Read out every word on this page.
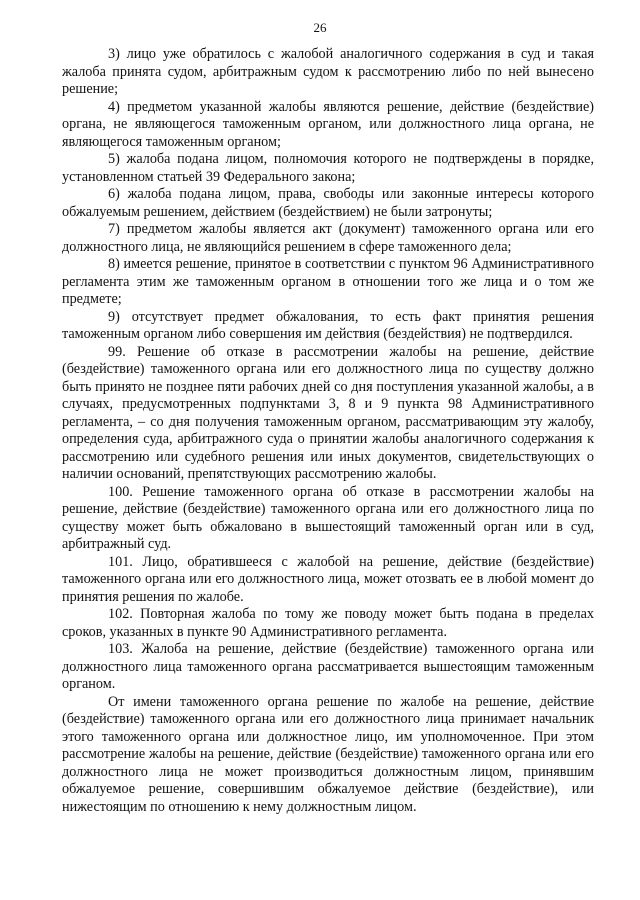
26

3) лицо уже обратилось с жалобой аналогичного содержания в суд и такая жалоба принята судом, арбитражным судом к рассмотрению либо по ней вынесено решение;

4) предметом указанной жалобы являются решение, действие (бездействие) органа, не являющегося таможенным органом, или должностного лица органа, не являющегося таможенным органом;

5) жалоба подана лицом, полномочия которого не подтверждены в порядке, установленном статьей 39 Федерального закона;

6) жалоба подана лицом, права, свободы или законные интересы которого обжалуемым решением, действием (бездействием) не были затронуты;

7) предметом жалобы является акт (документ) таможенного органа или его должностного лица, не являющийся решением в сфере таможенного дела;

8) имеется решение, принятое в соответствии с пунктом 96 Административного регламента этим же таможенным органом в отношении того же лица и о том же предмете;

9) отсутствует предмет обжалования, то есть факт принятия решения таможенным органом либо совершения им действия (бездействия) не подтвердился.

99. Решение об отказе в рассмотрении жалобы на решение, действие (бездействие) таможенного органа или его должностного лица по существу должно быть принято не позднее пяти рабочих дней со дня поступления указанной жалобы, а в случаях, предусмотренных подпунктами 3, 8 и 9 пункта 98 Административного регламента, – со дня получения таможенным органом, рассматривающим эту жалобу, определения суда, арбитражного суда о принятии жалобы аналогичного содержания к рассмотрению или судебного решения или иных документов, свидетельствующих о наличии оснований, препятствующих рассмотрению жалобы.

100. Решение таможенного органа об отказе в рассмотрении жалобы на решение, действие (бездействие) таможенного органа или его должностного лица по существу может быть обжаловано в вышестоящий таможенный орган или в суд, арбитражный суд.

101. Лицо, обратившееся с жалобой на решение, действие (бездействие) таможенного органа или его должностного лица, может отозвать ее в любой момент до принятия решения по жалобе.

102. Повторная жалоба по тому же поводу может быть подана в пределах сроков, указанных в пункте 90 Административного регламента.

103. Жалоба на решение, действие (бездействие) таможенного органа или должностного лица таможенного органа рассматривается вышестоящим таможенным органом.

От имени таможенного органа решение по жалобе на решение, действие (бездействие) таможенного органа или его должностного лица принимает начальник этого таможенного органа или должностное лицо, им уполномоченное. При этом рассмотрение жалобы на решение, действие (бездействие) таможенного органа или его должностного лица не может производиться должностным лицом, принявшим обжалуемое решение, совершившим обжалуемое действие (бездействие), или нижестоящим по отношению к нему должностным лицом.
